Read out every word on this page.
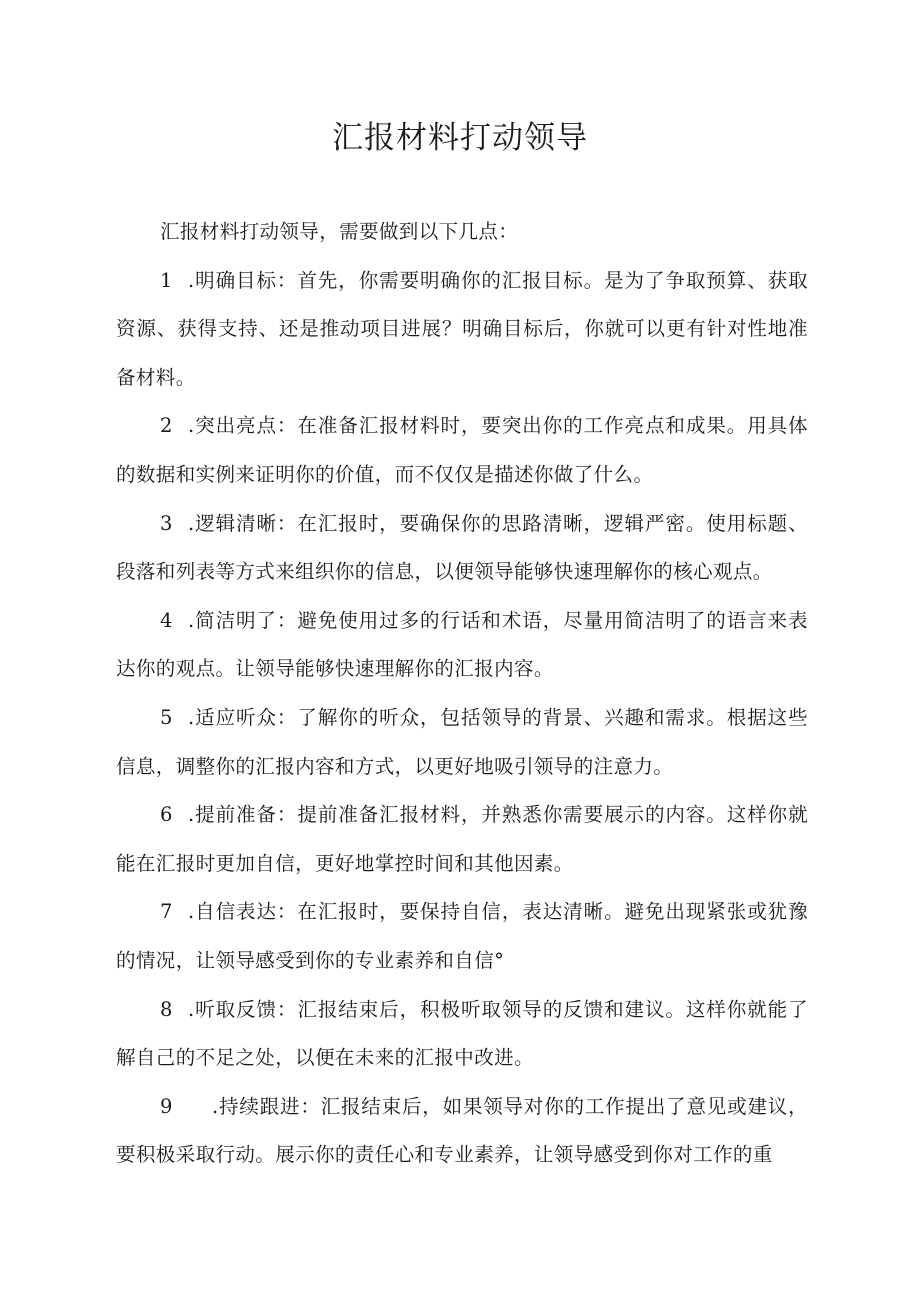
汇报材料打动领导

汇报材料打动领导，需要做到以下几点：

1 .明确目标：首先，你需要明确你的汇报目标。是为了争取预算、获取资源、获得支持、还是推动项目进展？明确目标后，你就可以更有针对性地准备材料。

2 .突出亮点：在准备汇报材料时，要突出你的工作亮点和成果。用具体的数据和实例来证明你的价值，而不仅仅是描述你做了什么。

3 .逻辑清晰：在汇报时，要确保你的思路清晰，逻辑严密。使用标题、段落和列表等方式来组织你的信息，以便领导能够快速理解你的核心观点。

4 .简洁明了：避免使用过多的行话和术语，尽量用简洁明了的语言来表达你的观点。让领导能够快速理解你的汇报内容。

5 .适应听众：了解你的听众，包括领导的背景、兴趣和需求。根据这些信息，调整你的汇报内容和方式，以更好地吸引领导的注意力。

6 .提前准备：提前准备汇报材料，并熟悉你需要展示的内容。这样你就能在汇报时更加自信，更好地掌控时间和其他因素。

7 .自信表达：在汇报时，要保持自信，表达清晰。避免出现紧张或犹豫的情况，让领导感受到你的专业素养和自信°

8 .听取反馈：汇报结束后，积极听取领导的反馈和建议。这样你就能了解自己的不足之处，以便在未来的汇报中改进。

9 .持续跟进：汇报结束后，如果领导对你的工作提出了意见或建议，要积极采取行动。展示你的责任心和专业素养，让领导感受到你对工作的重
